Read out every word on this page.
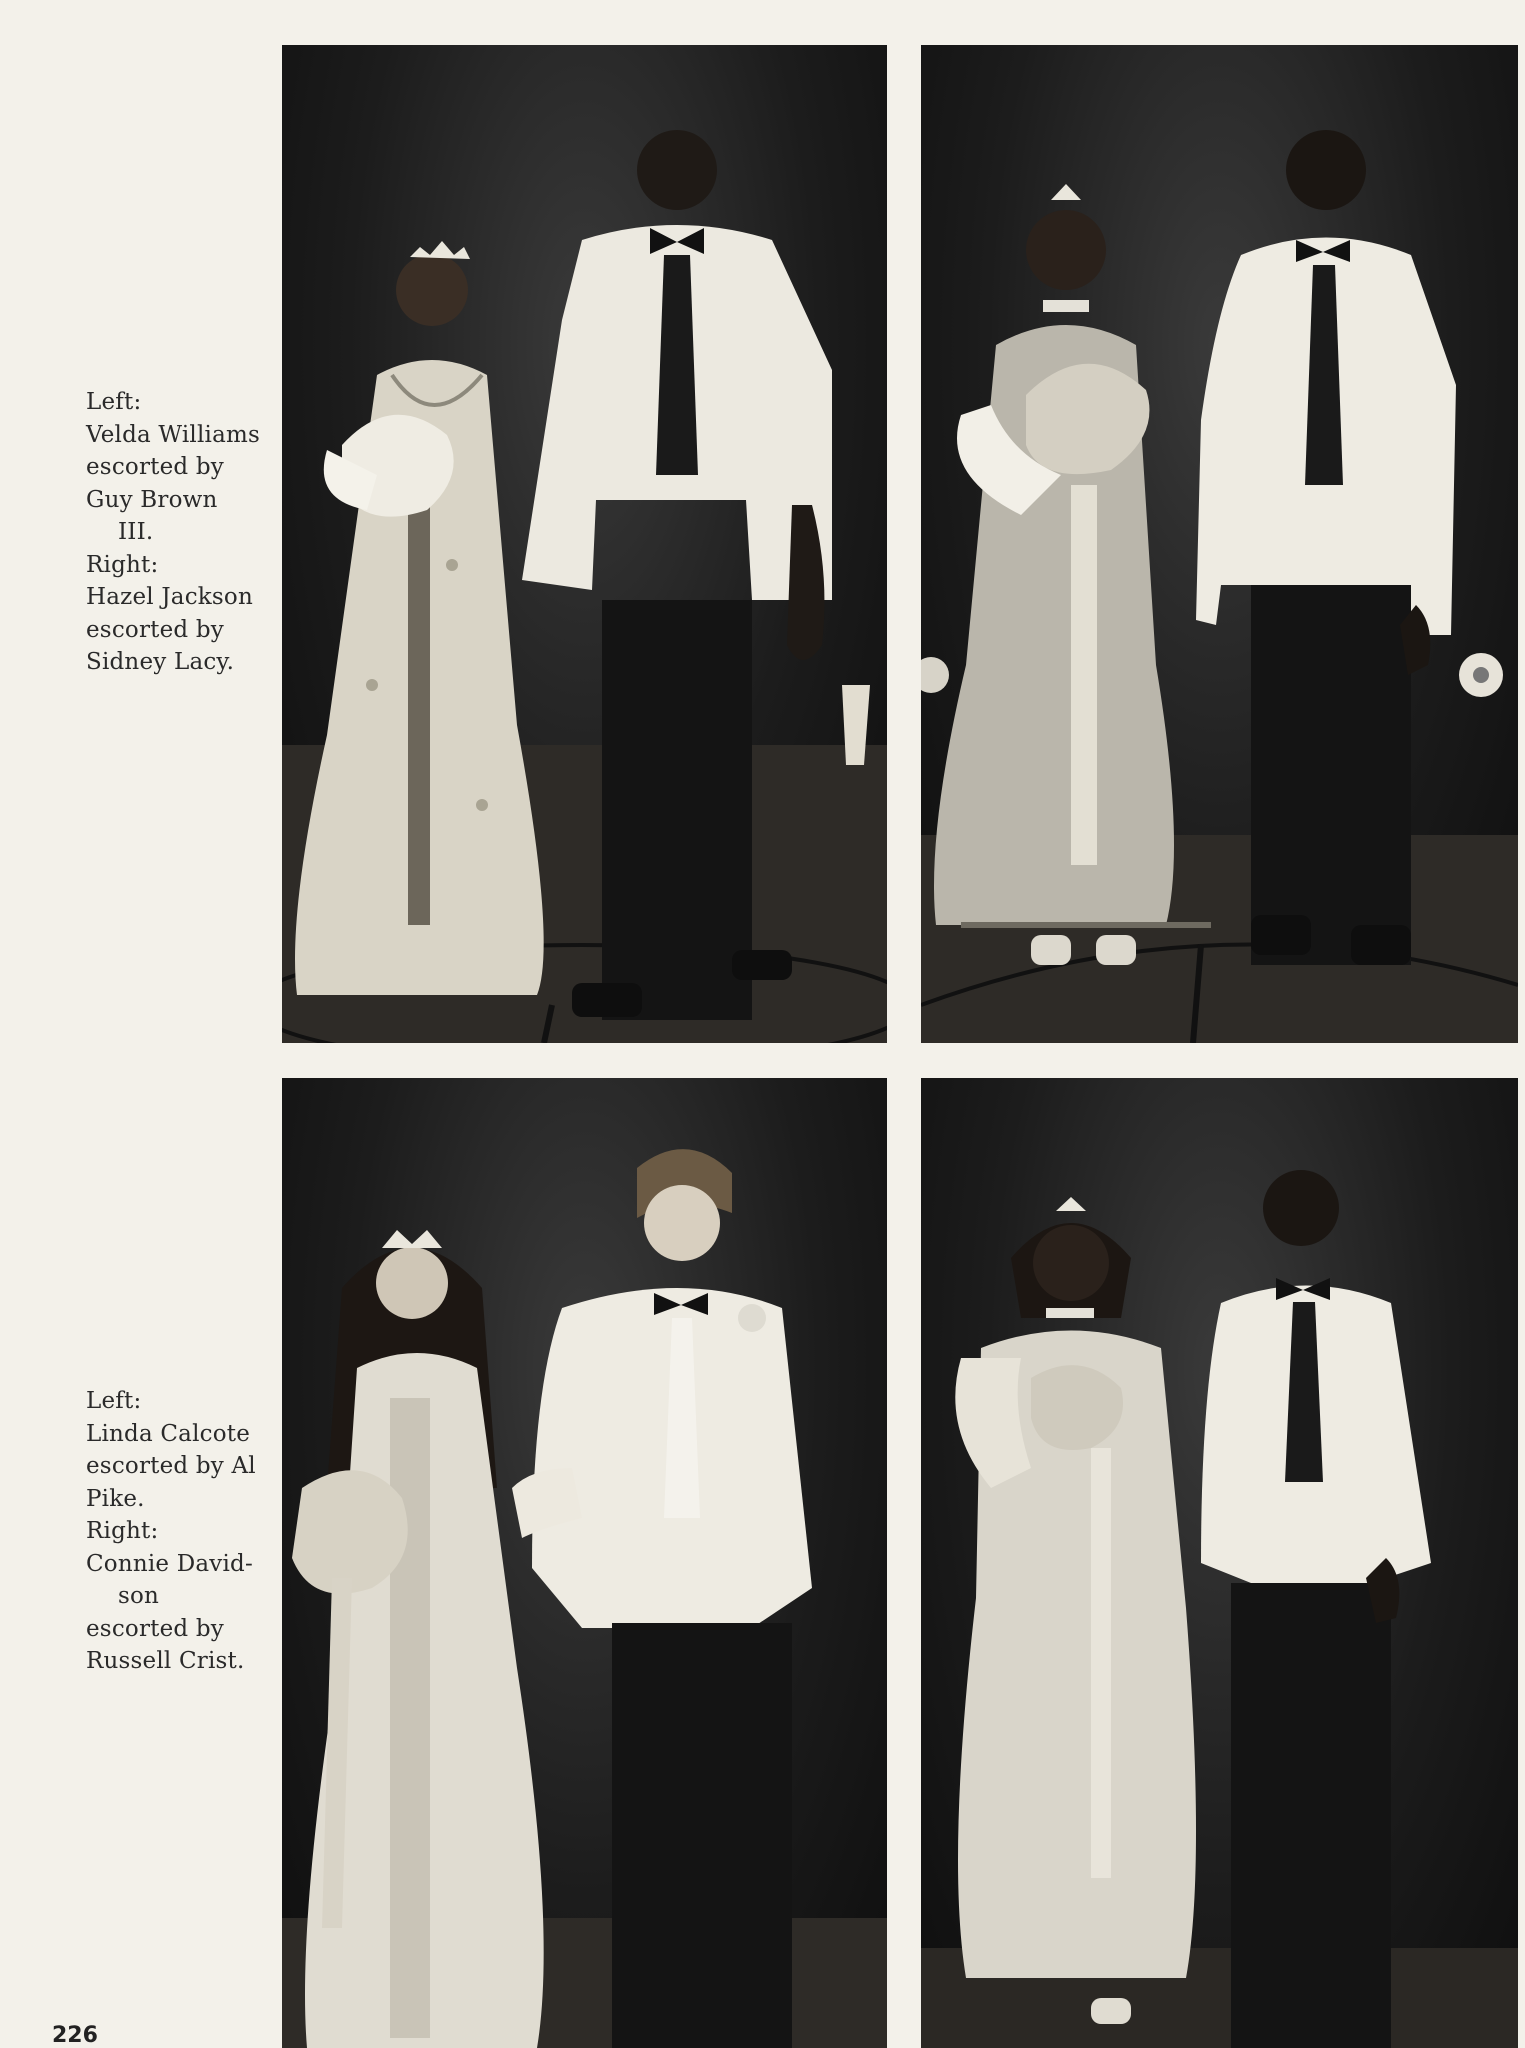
Left:
Velda Williams
escorted by
Guy Brown
III.
Right:
Hazel Jackson
escorted by
Sidney Lacy.
Left:
Linda Calcote
escorted by Al
Pike.
Right:
Connie David-
son
escorted by
Russell Crist.
226
